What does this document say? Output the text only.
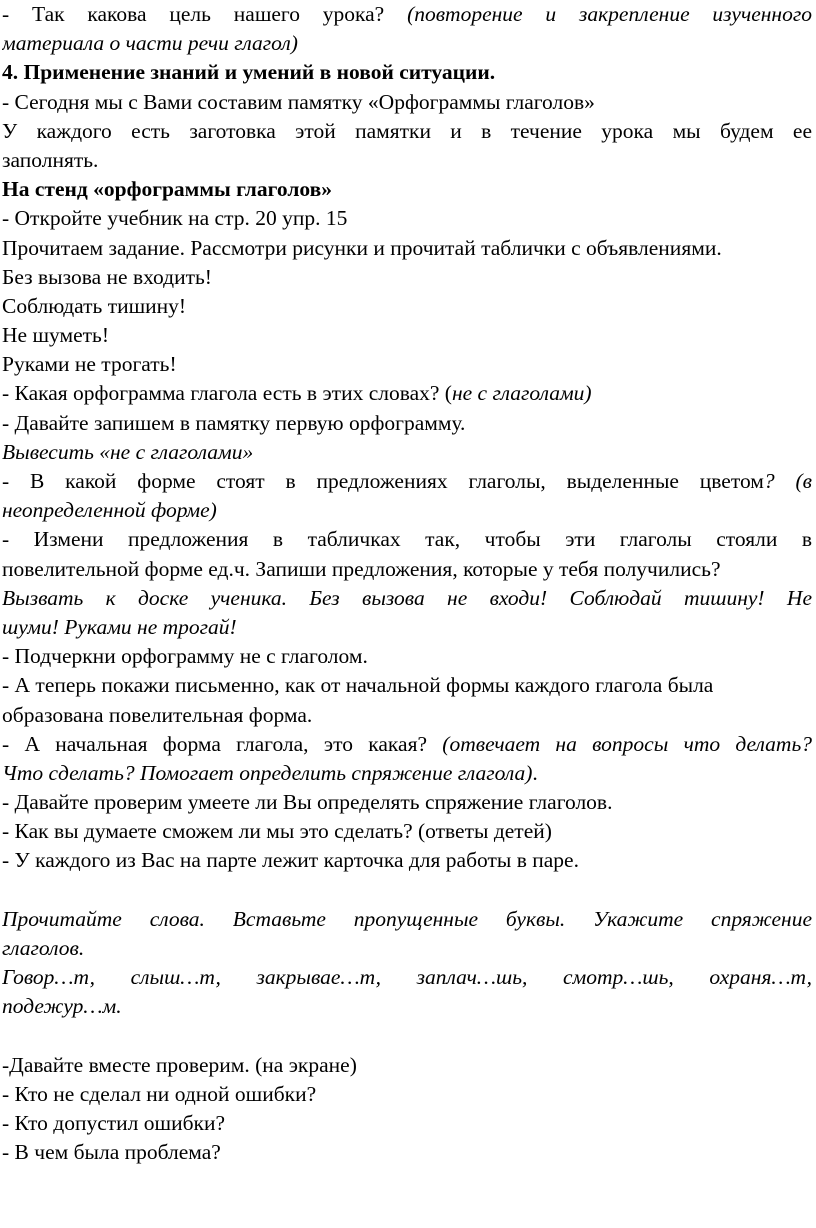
- Так какова цель нашего урока? (повторение и закрепление изученного
материала о части речи глагол)
4. Применение знаний и умений в новой ситуации.
- Сегодня мы с Вами составим памятку «Орфограммы глаголов»
У каждого есть заготовка этой памятки и в течение урока мы будем ее
заполнять.
На стенд «орфограммы глаголов»
- Откройте учебник на стр. 20 упр. 15
Прочитаем задание. Рассмотри рисунки и прочитай таблички с объявлениями.
Без вызова не входить!
Соблюдать тишину!
Не шуметь!
Руками не трогать!
- Какая орфограмма глагола есть в этих словах? (не с глаголами)
- Давайте запишем в памятку первую орфограмму.
Вывесить «не с глаголами»
- В какой форме стоят в предложениях глаголы, выделенные цветом? (в
неопределенной форме)
- Измени предложения в табличках так, чтобы эти глаголы стояли в
повелительной форме ед.ч. Запиши предложения, которые у тебя получились?
Вызвать к доске ученика. Без вызова не входи! Соблюдай тишину! Не
шуми! Руками не трогай!
- Подчеркни орфограмму не с глаголом.
- А теперь покажи письменно, как от начальной формы каждого глагола была
образована повелительная форма.
- А начальная форма глагола, это какая? (отвечает на вопросы что делать?
Что сделать? Помогает определить спряжение глагола).
- Давайте проверим умеете ли Вы определять спряжение глаголов.
- Как вы думаете сможем ли мы это сделать? (ответы детей)
- У каждого из Вас на парте лежит карточка для работы в паре.
Прочитайте слова. Вставьте пропущенные буквы. Укажите спряжение
глаголов.
Говор…т, слыш…т, закрывае…т, заплач…шь, смотр…шь, охраня…т,
подежур…м.
-Давайте вместе проверим. (на экране)
- Кто не сделал ни одной ошибки?
- Кто допустил ошибки?
- В чем была проблема?
